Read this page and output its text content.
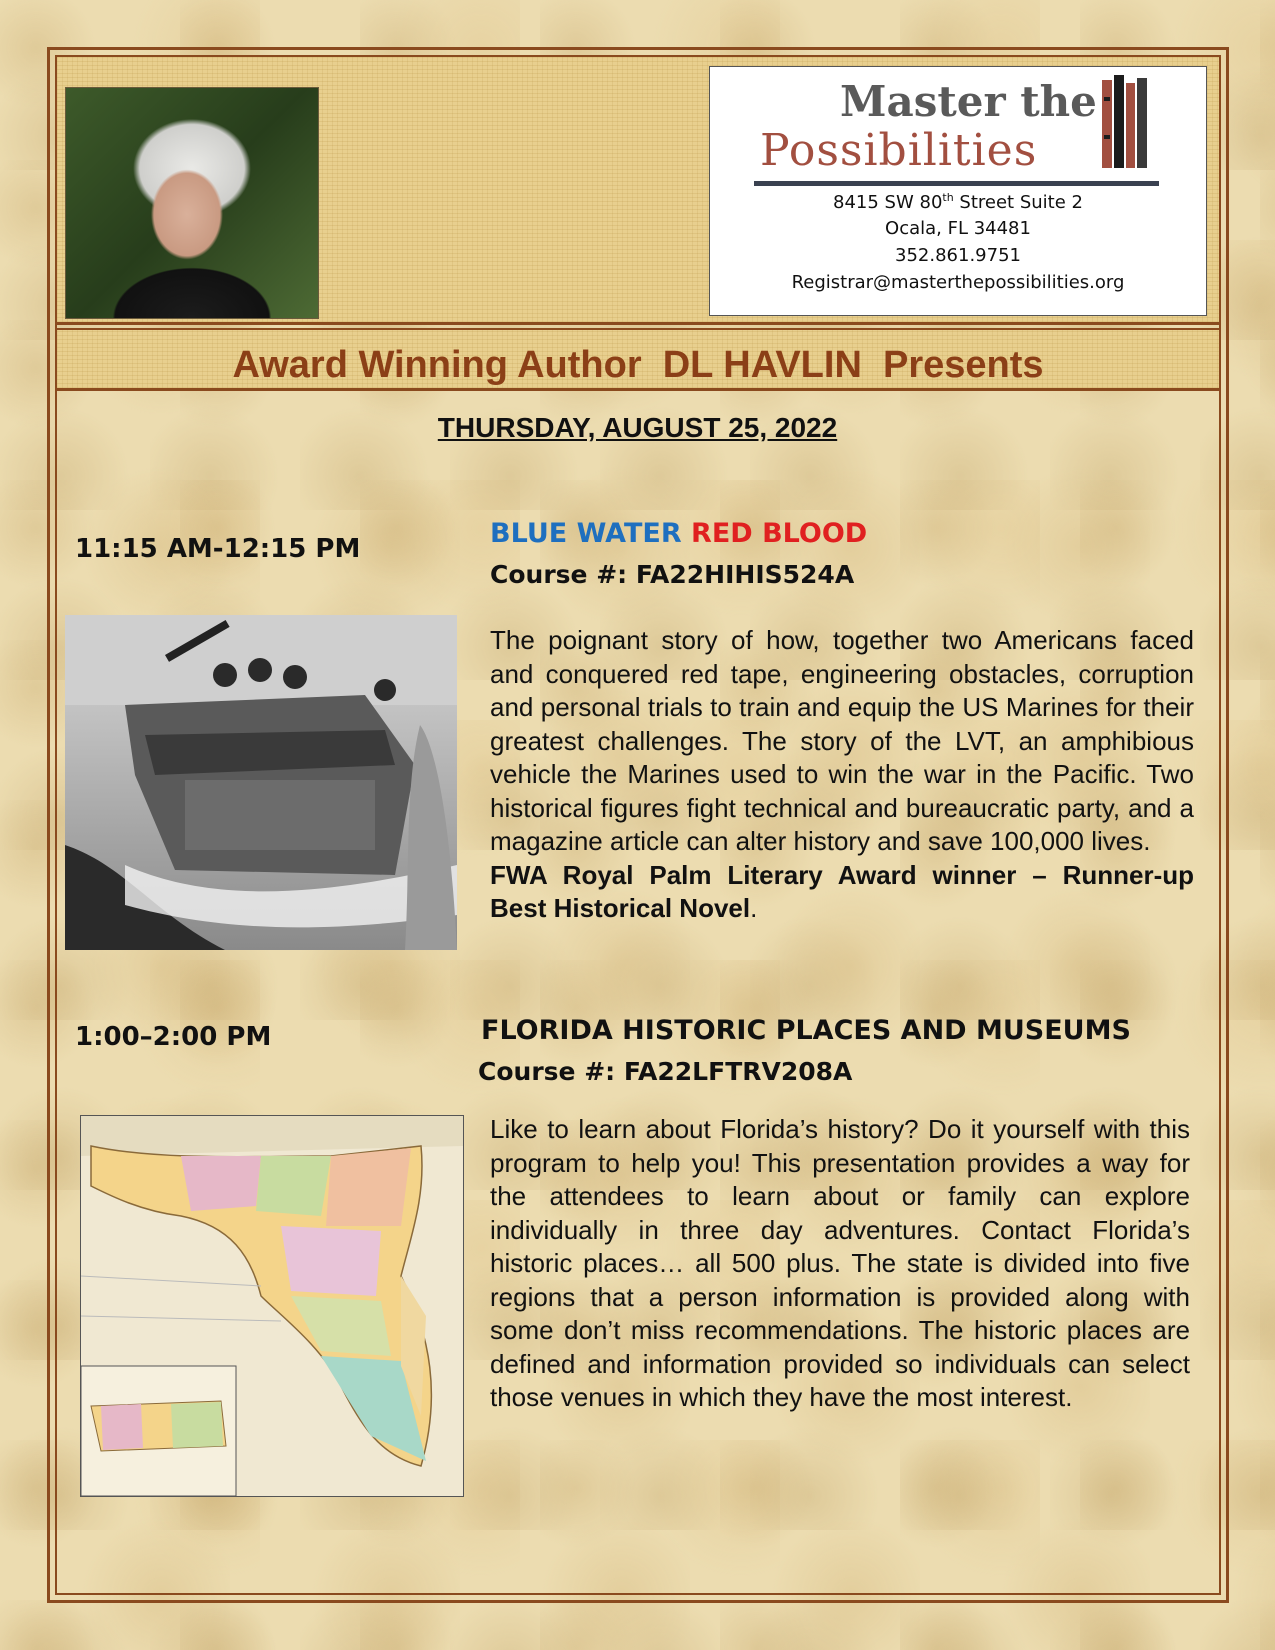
Award Winning Author  DL HAVLIN  Presents
Master the
Possibilities
8415 SW 80th Street Suite 2
Ocala, FL 34481
352.861.9751
Registrar@masterthepossibilities.org
THURSDAY, AUGUST 25, 2022
11:15 AM-12:15 PM	BLUE WATER RED BLOOD
Course #: FA22HIHIS524A
The poignant story of how, together two Americans faced and conquered red tape, engineering obstacles, corruption and personal trials to train and equip the US Marines for their greatest challenges. The story of the LVT, an amphibious vehicle the Marines used to win the war in the Pacific. Two historical figures fight technical and bureaucratic party, and a magazine article can alter history and save 100,000 lives.
FWA Royal Palm Literary Award winner – Runner-up Best Historical Novel.
1:00–2:00 PM	FLORIDA HISTORIC PLACES AND MUSEUMS
Course #: FA22LFTRV208A
Like to learn about Florida’s history? Do it yourself with this program to help you! This presentation provides a way for the attendees to learn about or family can explore individually in three day adventures. Contact Florida’s historic places… all 500 plus. The state is divided into five regions that a person information is provided along with some don’t miss recommendations. The historic places are defined and information provided so individuals can select those venues in which they have the most interest.
